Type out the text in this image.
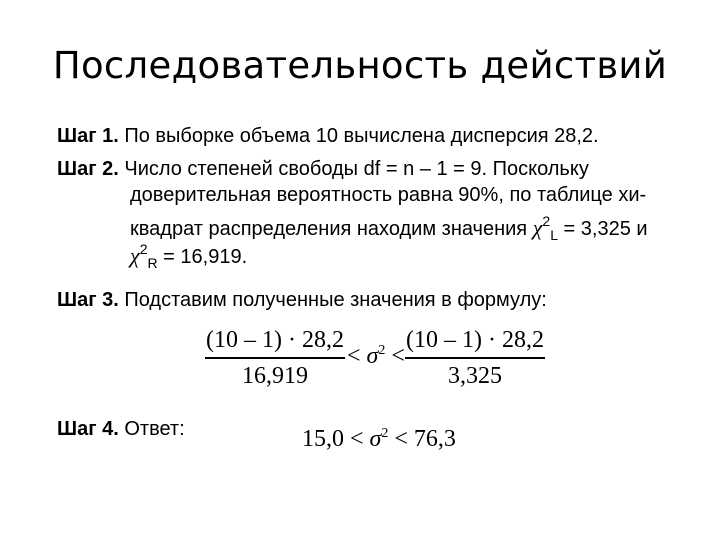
Последовательность действий
Шаг 1. По выборке объема 10 вычислена дисперсия 28,2.
Шаг 2. Число степеней свободы df = n – 1 = 9. Поскольку
доверительная вероятность равна 90%, по таблице хи-
квадрат распределения находим значения $\chi^2_L = 3,325$ и
$\chi^2_R = 16,919$.
Шаг 3. Подставим полученные значения в формулу:
(10 – 1) · 28,2
16,919
< $\sigma^2$ <
(10 – 1) · 28,2
3,325
Шаг 4. Ответ:	$15,0 < \sigma^2 < 76,3$
